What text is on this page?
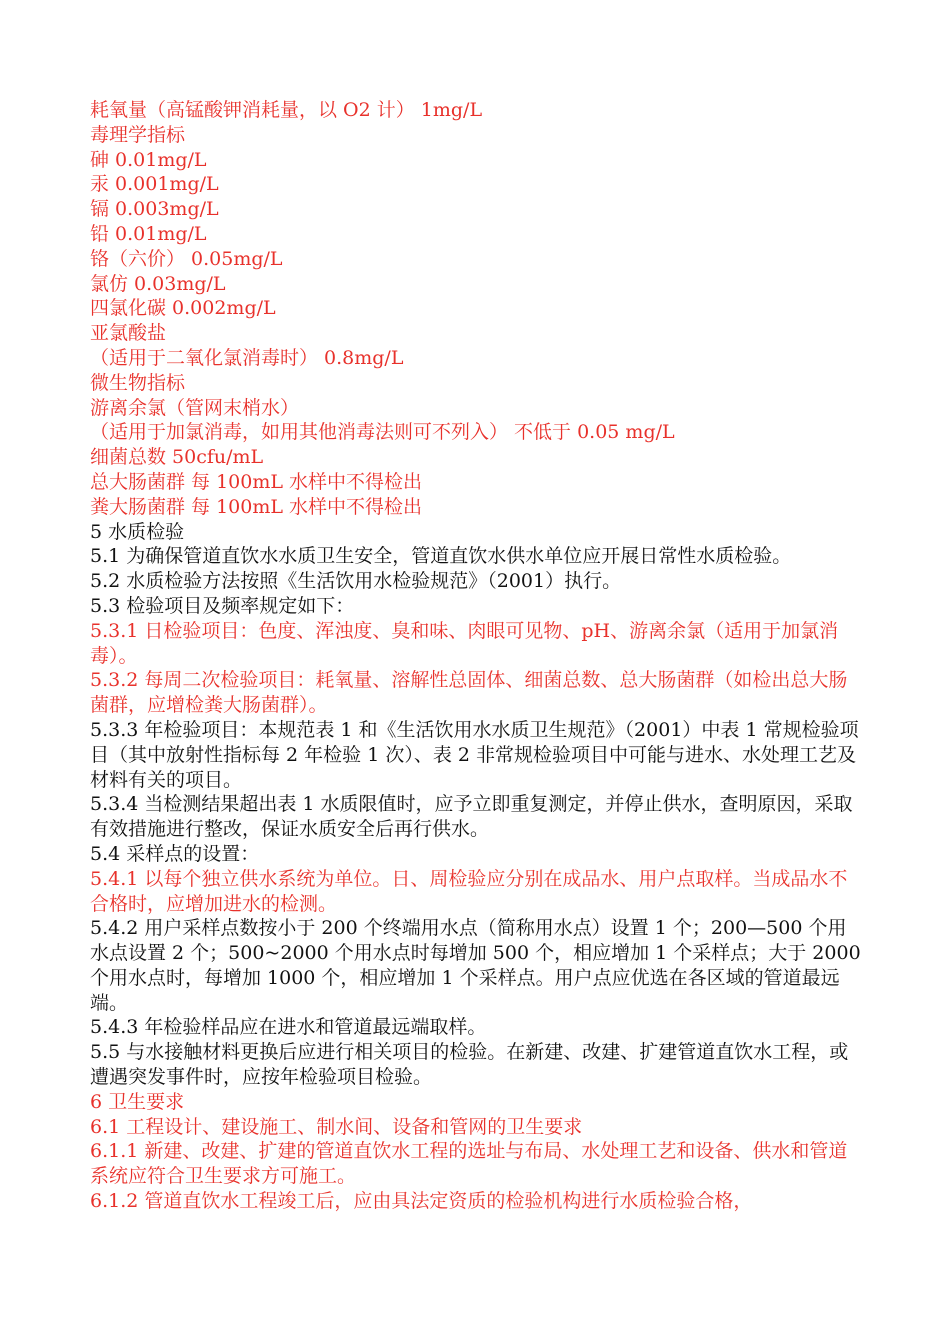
耗氧量（高锰酸钾消耗量，以 O2 计） 1mg/L

毒理学指标

砷 0.01mg/L

汞 0.001mg/L

镉 0.003mg/L

铅 0.01mg/L

铬（六价） 0.05mg/L

氯仿 0.03mg/L

四氯化碳 0.002mg/L

亚氯酸盐

（适用于二氧化氯消毒时） 0.8mg/L

微生物指标

游离余氯（管网末梢水）

（适用于加氯消毒，如用其他消毒法则可不列入） 不低于 0.05 mg/L

细菌总数 50cfu/mL

总大肠菌群 每 100mL 水样中不得检出

粪大肠菌群 每 100mL 水样中不得检出

5 水质检验

5.1 为确保管道直饮水水质卫生安全，管道直饮水供水单位应开展日常性水质检验。

5.2 水质检验方法按照《生活饮用水检验规范》（2001）执行。

5.3 检验项目及频率规定如下：

5.3.1 日检验项目：色度、浑浊度、臭和味、肉眼可见物、pH、游离余氯（适用于加氯消毒）。

5.3.2 每周二次检验项目：耗氧量、溶解性总固体、细菌总数、总大肠菌群（如检出总大肠菌群，应增检粪大肠菌群）。

5.3.3 年检验项目：本规范表 1 和《生活饮用水水质卫生规范》（2001）中表 1 常规检验项目（其中放射性指标每 2 年检验 1 次）、表 2 非常规检验项目中可能与进水、水处理工艺及材料有关的项目。

5.3.4 当检测结果超出表 1 水质限值时，应予立即重复测定，并停止供水，查明原因，采取有效措施进行整改，保证水质安全后再行供水。

5.4 采样点的设置：

5.4.1 以每个独立供水系统为单位。日、周检验应分别在成品水、用户点取样。当成品水不合格时，应增加进水的检测。

5.4.2 用户采样点数按小于 200 个终端用水点（简称用水点）设置 1 个；200—500 个用水点设置 2 个；500~2000 个用水点时每增加 500 个，相应增加 1 个采样点；大于 2000 个用水点时，每增加 1000 个，相应增加 1 个采样点。用户点应优选在各区域的管道最远端。

5.4.3 年检验样品应在进水和管道最远端取样。

5.5 与水接触材料更换后应进行相关项目的检验。在新建、改建、扩建管道直饮水工程，或遭遇突发事件时，应按年检验项目检验。

6 卫生要求

6.1 工程设计、建设施工、制水间、设备和管网的卫生要求

6.1.1 新建、改建、扩建的管道直饮水工程的选址与布局、水处理工艺和设备、供水和管道系统应符合卫生要求方可施工。

6.1.2 管道直饮水工程竣工后，应由具法定资质的检验机构进行水质检验合格，
